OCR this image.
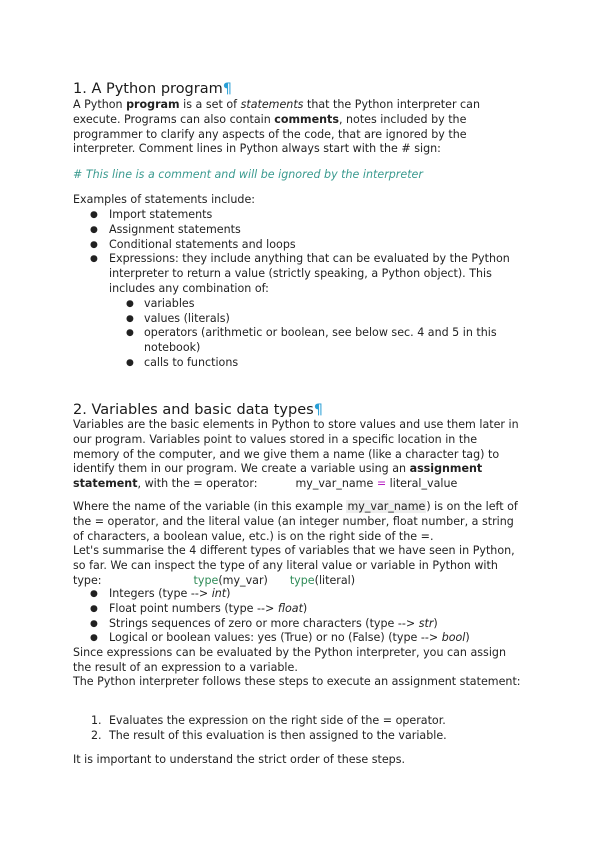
1. A Python program¶

A Python program is a set of statements that the Python interpreter can execute. Programs can also contain comments, notes included by the programmer to clarify any aspects of the code, that are ignored by the interpreter. Comment lines in Python always start with the # sign:

# This line is a comment and will be ignored by the interpreter

Examples of statements include:

● Import statements
● Assignment statements
● Conditional statements and loops
● Expressions: they include anything that can be evaluated by the Python interpreter to return a value (strictly speaking, a Python object). This includes any combination of:
● variables
● values (literals)
● operators (arithmetic or boolean, see below sec. 4 and 5 in this notebook)
● calls to functions
2. Variables and basic data types¶

Variables are the basic elements in Python to store values and use them later in our program. Variables point to values stored in a specific location in the memory of the computer, and we give them a name (like a character tag) to identify them in our program. We create a variable using an assignment statement, with the = operator:	my_var_name = literal_value

Where the name of the variable (in this example my_var_name) is on the left of the = operator, and the literal value (an integer number, float number, a string of characters, a boolean value, etc.) is on the right side of the =.

Let's summarise the 4 different types of variables that we have seen in Python, so far. We can inspect the type of any literal value or variable in Python with
type:	type(my_var) type(literal)

● Integers (type --> int)
● Float point numbers (type --> float)
● Strings sequences of zero or more characters (type --> str)
● Logical or boolean values: yes (True) or no (False) (type --> bool)

Since expressions can be evaluated by the Python interpreter, you can assign the result of an expression to a variable.

The Python interpreter follows these steps to execute an assignment statement:

1. Evaluates the expression on the right side of the = operator.
2. The result of this evaluation is then assigned to the variable.

It is important to understand the strict order of these steps.
